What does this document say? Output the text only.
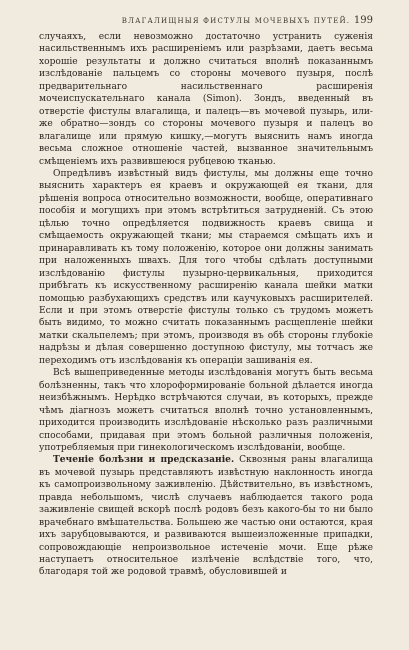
ВЛАГАЛИЩНЫЯ ФИСТУЛЫ МОЧЕВЫХЪ ПУТЕЙ. 199

случаяхъ, если невозможно достаточно устранить суженія насильственнымъ ихъ расширеніемъ или разрѣзами, даетъ весьма хорошіе результаты и должно считаться вполнѣ показаннымъ изслѣдованіе пальцемъ со стороны мочевого пузыря, послѣ предварительнаго насильственнаго расширенія мочеиспускательнаго канала (Simon). Зондъ, введенный въ отверстіе фистулы влагалища, и палецъ—въ мочевой пузырь, или-же обратно—зондъ со стороны мочевого пузыря и палецъ во влагалище или прямую кишку,—могутъ выяснить намъ иногда весьма сложное отношеніе частей, вызванное значительнымъ смѣщеніемъ ихъ развившеюся рубцевою тканью.

Опредѣливъ извѣстный видъ фистулы, мы должны еще точно выяснить характеръ ея краевъ и окружающей ея ткани, для рѣшенія вопроса относительно возможности, вообще, оперативнаго пособія и могущихъ при этомъ встрѣтиться затрудненій. Съ этою цѣлью точно опредѣляется подвижность краевъ свища и смѣщаемость окружающей ткани; мы стараемся смѣщать ихъ и принаравливать къ тому положенію, которое они должны занимать при наложенныхъ швахъ. Для того чтобы сдѣлать доступными изслѣдованію фистулы пузырно-цервикальныя, приходится прибѣгать къ искусственному расширенію канала шейки матки помощью разбухающихъ средствъ или каучуковыхъ расширителей. Если и при этомъ отверстіе фистулы только съ трудомъ можетъ быть видимо, то можно считать показаннымъ расщепленіе шейки матки скальпелемъ; при этомъ, производя въ обѣ стороны глубокіе надрѣзы и дѣлая совершенно доступною фистулу, мы тотчасъ же переходимъ отъ изслѣдованія къ операціи зашиванія ея.

Всѣ вышеприведенные методы изслѣдованія могутъ быть весьма болѣзненны, такъ что хлороформированіе больной дѣлается иногда неизбѣжнымъ. Нерѣдко встрѣчаются случаи, въ которыхъ, прежде чѣмъ діагнозъ можетъ считаться вполнѣ точно установленнымъ, приходится производить изслѣдованіе нѣсколько разъ различными способами, придавая при этомъ больной различныя положенія, употребляемыя при гинекологическомъ изслѣдованіи, вообще.

Теченіе болѣзни и предсказаніе. Сквозныя раны влагалища въ мочевой пузырь представляютъ извѣстную наклонность иногда къ самопроизвольному заживленію. Дѣйствительно, въ извѣстномъ, правда небольшомъ, числѣ случаевъ наблюдается такого рода заживленіе свищей вскорѣ послѣ родовъ безъ какого-бы то ни было врачебнаго вмѣшательства. Большею же частью они остаются, края ихъ зарубцовываются, и развиваются вышеизложенные припадки, сопровождающіе непроизвольное истеченіе мочи. Еще рѣже наступаетъ относительное излѣченіе вслѣдствіе того, что, благодаря той же родовой травмѣ, обусловившей и
